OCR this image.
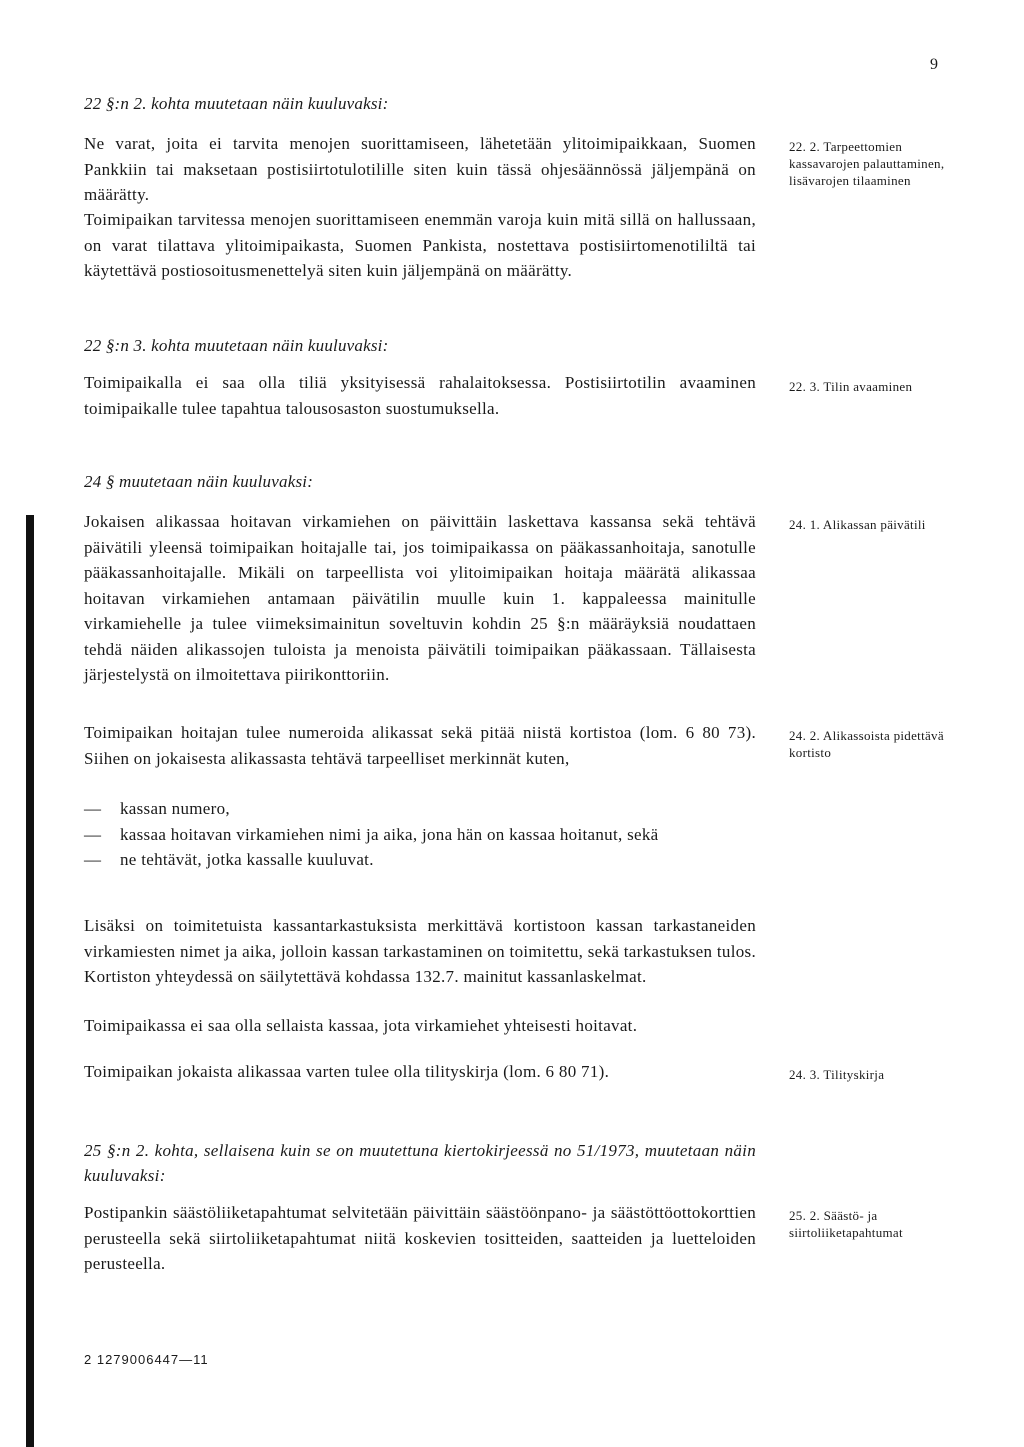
9
22 §:n 2. kohta muutetaan näin kuuluvaksi:
Ne varat, joita ei tarvita menojen suorittamiseen, lähetetään ylitoimipaikkaan, Suomen Pankkiin tai maksetaan postisiirtotulotilille siten kuin tässä ohjesäännössä jäljempänä on määrätty.
Toimipaikan tarvitessa menojen suorittamiseen enemmän varoja kuin mitä sillä on hallussaan, on varat tilattava ylitoimipaikasta, Suomen Pankista, nostettava postisiirtomenotililtä tai käytettävä postiosoitusmenettelyä siten kuin jäljempänä on määrätty.
22. 2. Tarpeettomien kassavarojen palauttaminen, lisävarojen tilaaminen
22 §:n 3. kohta muutetaan näin kuuluvaksi:
Toimipaikalla ei saa olla tiliä yksityisessä rahalaitoksessa. Postisiirtotilin avaaminen toimipaikalle tulee tapahtua talousosaston suostumuksella.
22. 3. Tilin avaaminen
24 § muutetaan näin kuuluvaksi:
Jokaisen alikassaa hoitavan virkamiehen on päivittäin laskettava kassansa sekä tehtävä päivätili yleensä toimipaikan hoitajalle tai, jos toimipaikassa on pääkassanhoitaja, sanotulle pääkassanhoitajalle. Mikäli on tarpeellista voi ylitoimipaikan hoitaja määrätä alikassaa hoitavan virkamiehen antamaan päivätilin muulle kuin 1. kappaleessa mainitulle virkamiehelle ja tulee viimeksimainitun soveltuvin kohdin 25 §:n määräyksiä noudattaen tehdä näiden alikassojen tuloista ja menoista päivätili toimipaikan pääkassaan. Tällaisesta järjestelystä on ilmoitettava piirikonttoriin.
24. 1. Alikassan päivätili
Toimipaikan hoitajan tulee numeroida alikassat sekä pitää niistä kortistoa (lom. 6 80 73). Siihen on jokaisesta alikassasta tehtävä tarpeelliset merkinnät kuten,
— kassan numero,
— kassaa hoitavan virkamiehen nimi ja aika, jona hän on kassaa hoitanut, sekä
— ne tehtävät, jotka kassalle kuuluvat.
24. 2. Alikassoista pidettävä kortisto
Lisäksi on toimitetuista kassantarkastuksista merkittävä kortistoon kassan tarkastaneiden virkamiesten nimet ja aika, jolloin kassan tarkastaminen on toimitettu, sekä tarkastuksen tulos. Kortiston yhteydessä on säilytettävä kohdassa 132.7. mainitut kassanlaskelmat.
Toimipaikassa ei saa olla sellaista kassaa, jota virkamiehet yhteisesti hoitavat.
Toimipaikan jokaista alikassaa varten tulee olla tilityskirja (lom. 6 80 71).	24. 3. Tilityskirja
25 §:n 2. kohta, sellaisena kuin se on muutettuna kiertokirjeessä no 51/1973, muutetaan näin kuuluvaksi:
Postipankin säästöliiketapahtumat selvitetään päivittäin säästöönpano- ja säästöttöottokorttien perusteella sekä siirtoliiketapahtumat niitä koskevien tositteiden, saatteiden ja luetteloiden perusteella.
25. 2. Säästö- ja siirtoliiketapahtumat
2 1279006447—11
